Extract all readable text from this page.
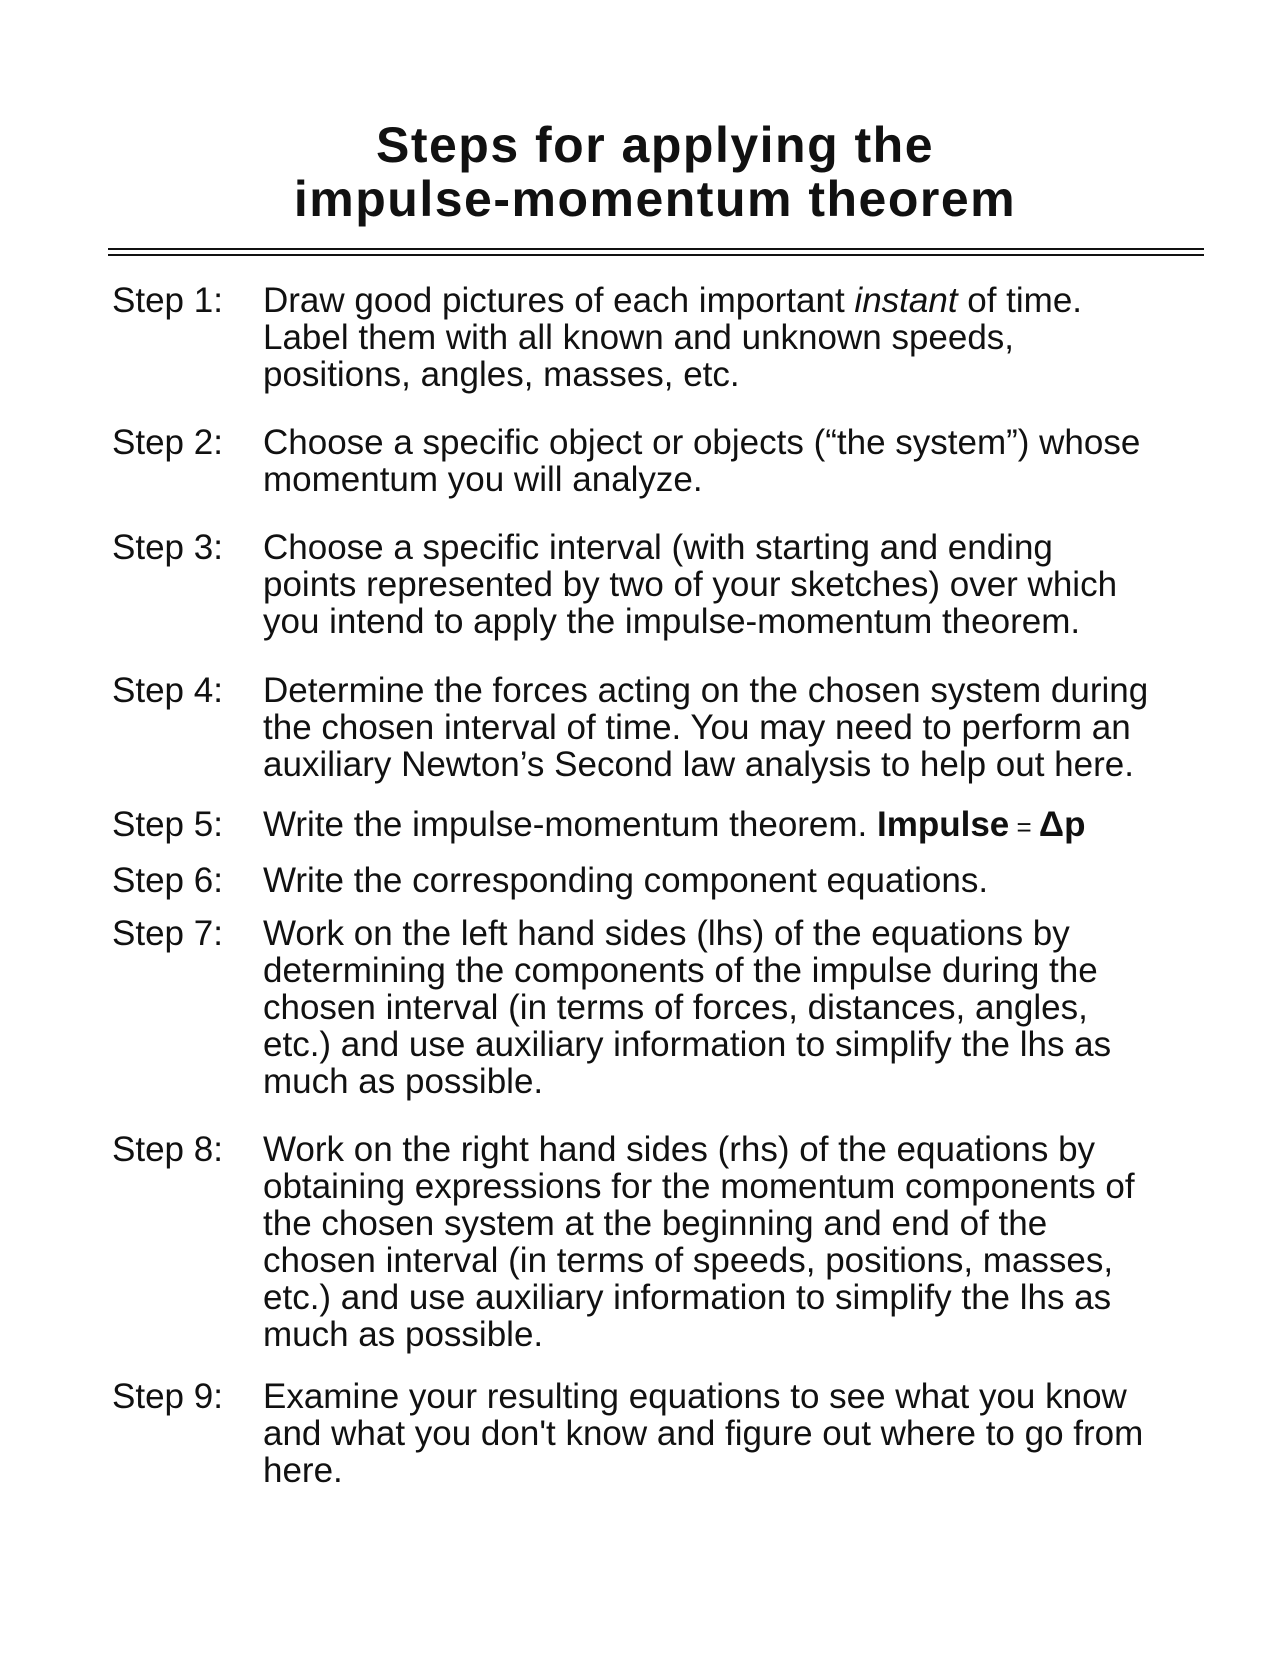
Steps for applying the
impulse-momentum theorem
Step 1:	Draw good pictures of each important instant of time.
Label them with all known and unknown speeds,
positions, angles, masses, etc.
Step 2:	Choose a specific object or objects (“the system”) whose
momentum you will analyze.
Step 3:	Choose a specific interval (with starting and ending
points represented by two of your sketches) over which
you intend to apply the impulse-momentum theorem.
Step 4:	Determine the forces acting on the chosen system during
the chosen interval of time. You may need to perform an
auxiliary Newton’s Second law analysis to help out here.
Step 5:	Write the impulse-momentum theorem. Impulse = Δp
Step 6:	Write the corresponding component equations.
Step 7:	Work on the left hand sides (lhs) of the equations by
determining the components of the impulse during the
chosen interval (in terms of forces, distances, angles,
etc.) and use auxiliary information to simplify the lhs as
much as possible.
Step 8:	Work on the right hand sides (rhs) of the equations by
obtaining expressions for the momentum components of
the chosen system at the beginning and end of the
chosen interval (in terms of speeds, positions, masses,
etc.) and use auxiliary information to simplify the lhs as
much as possible.
Step 9:	Examine your resulting equations to see what you know
and what you don't know and figure out where to go from
here.
